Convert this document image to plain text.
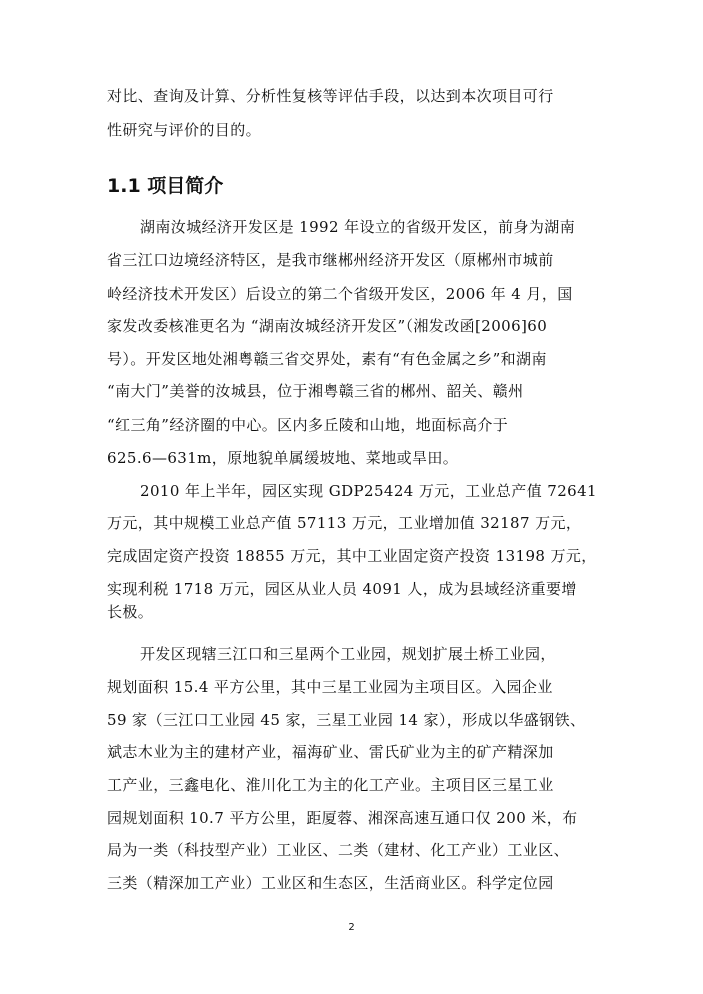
对比、查询及计算、分析性复核等评估手段，以达到本次项目可行
性研究与评价的目的。
1.1 项目简介
湖南汝城经济开发区是 1992 年设立的省级开发区，前身为湖南
省三江口边境经济特区，是我市继郴州经济开发区（原郴州市城前
岭经济技术开发区）后设立的第二个省级开发区，2006 年 4 月，国
家发改委核准更名为 “湖南汝城经济开发区”（湘发改函[2006]60
号）。开发区地处湘粤赣三省交界处，素有“有色金属之乡”和湖南
“南大门”美誉的汝城县，位于湘粤赣三省的郴州、韶关、赣州
“红三角”经济圈的中心。区内多丘陵和山地，地面标高介于
625.6—631m，原地貌单属缓坡地、菜地或旱田。
2010 年上半年，园区实现 GDP25424 万元，工业总产值 72641
万元，其中规模工业总产值 57113 万元，工业增加值 32187 万元，
完成固定资产投资 18855 万元，其中工业固定资产投资 13198 万元，
实现利税 1718 万元，园区从业人员 4091 人，成为县域经济重要增
长极。
开发区现辖三江口和三星两个工业园，规划扩展土桥工业园，
规划面积 15.4 平方公里，其中三星工业园为主项目区。入园企业
59 家（三江口工业园 45 家，三星工业园 14 家），形成以华盛钢铁、
斌志木业为主的建材产业，福海矿业、雷氏矿业为主的矿产精深加
工产业，三鑫电化、淮川化工为主的化工产业。主项目区三星工业
园规划面积 10.7 平方公里，距厦蓉、湘深高速互通口仅 200 米，布
局为一类（科技型产业）工业区、二类（建材、化工产业）工业区、
三类（精深加工产业）工业区和生态区，生活商业区。科学定位园
2
